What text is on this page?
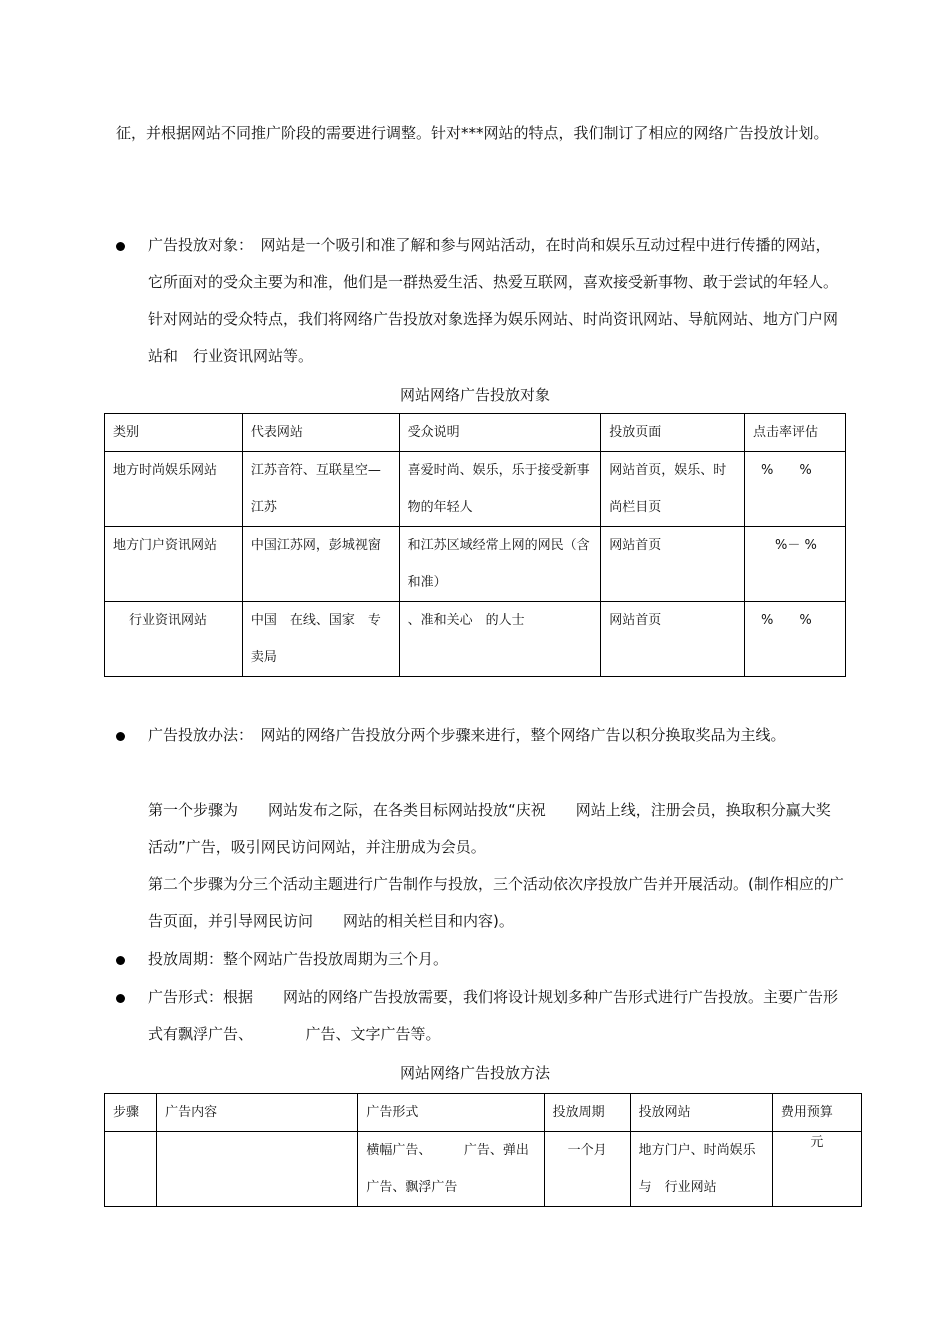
征，并根据网站不同推广阶段的需要进行调整。针对***网站的特点，我们制订了相应的网络广告投放计划。

广告投放对象：　 网站是一个吸引和准了解和参与网站活动，在时尚和娱乐互动过程中进行传播的网站，它所面对的受众主要为和准，他们是一群热爱生活、热爱互联网，喜欢接受新事物、敢于尝试的年轻人。针对网站的受众特点，我们将网络广告投放对象选择为娱乐网站、时尚资讯网站、导航网站、地方门户网站和　行业资讯网站等。
网站网络广告投放对象
类别	代表网站	受众说明	投放页面	点击率评估
地方时尚娱乐网站	江苏音符、互联星空—江苏	喜爱时尚、娱乐，乐于接受新事物的年轻人	网站首页，娱乐、时尚栏目页	%　　%
地方门户资讯网站	中国江苏网，彭城视窗	和江苏区域经常上网的网民（含和准）	网站首页	%－ %
行业资讯网站	中国　在线、国家　专卖局	、准和关心　的人士	网站首页	%　　%
广告投放办法：　 网站的网络广告投放分两个步骤来进行，整个网络广告以积分换取奖品为主线。

第一个步骤为　　网站发布之际，在各类目标网站投放“庆祝　　网站上线，注册会员，换取积分赢大奖活动”广告，吸引网民访问网站，并注册成为会员。

第二个步骤为分三个活动主题进行广告制作与投放，三个活动依次序投放广告并开展活动。(制作相应的广告页面，并引导网民访问　　网站的相关栏目和内容)。

投放周期：整个网站广告投放周期为三个月。
广告形式：根据　　网站的网络广告投放需要，我们将设计规划多种广告形式进行广告投放。主要广告形式有飘浮广告、　　　　广告、文字广告等。
网站网络广告投放方法
步骤	广告内容	广告形式	投放周期	投放网站	费用预算
		横幅广告、　　　广告、弹出广告、飘浮广告	一个月	地方门户、时尚娱乐与　行业网站	元
